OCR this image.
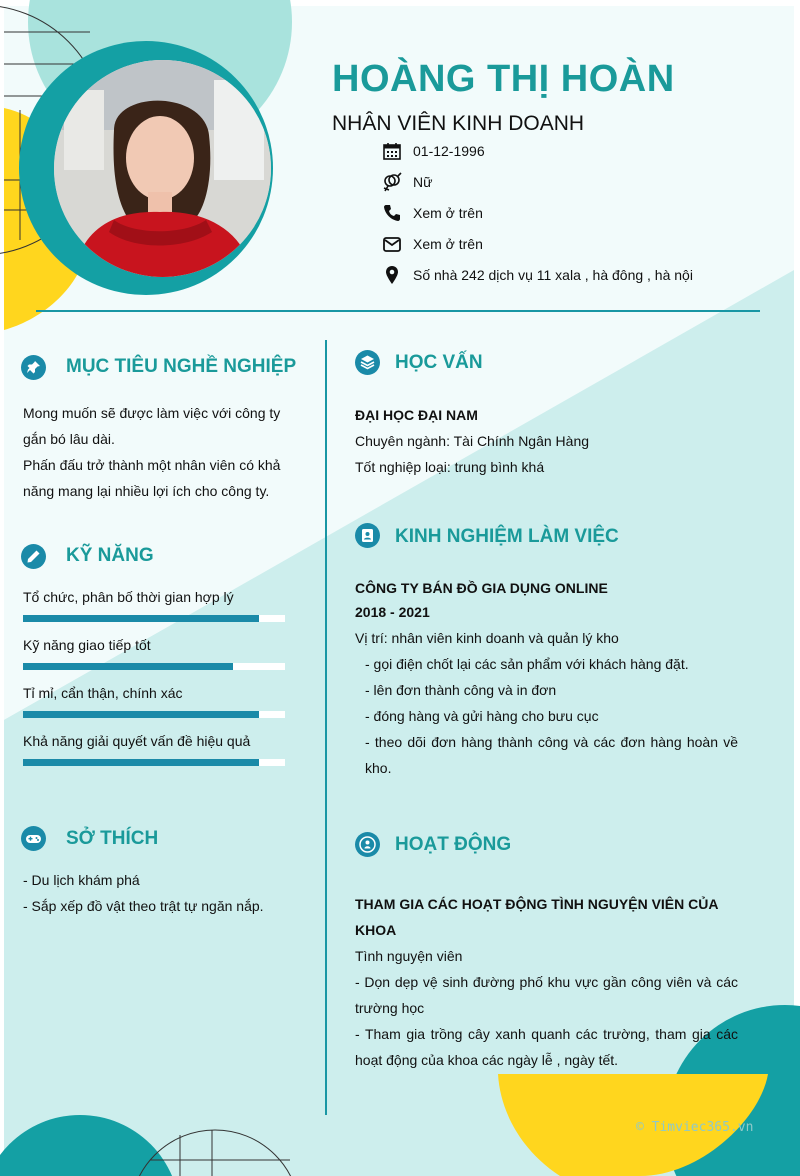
HOÀNG THỊ HOÀN
NHÂN VIÊN KINH DOANH
01-12-1996
Nữ
Xem ở trên
Xem ở trên
Số nhà 242 dịch vụ 11 xala , hà đông , hà nội
MỤC TIÊU NGHỀ NGHIỆP
Mong muốn sẽ được làm việc với công ty
gắn bó lâu dài.
Phấn đấu trở thành một nhân viên có khả
năng mang lại nhiều lợi ích cho công ty.
KỸ NĂNG
Tổ chức, phân bố thời gian hợp lý
Kỹ năng giao tiếp tốt
Tỉ mỉ, cẩn thận, chính xác
Khả năng giải quyết vấn đề hiệu quả
SỞ THÍCH
- Du lịch khám phá
- Sắp xếp đồ vật theo trật tự ngăn nắp.
HỌC VẤN
ĐẠI HỌC ĐẠI NAM
Chuyên ngành: Tài Chính Ngân Hàng
Tốt nghiệp loại: trung bình khá
KINH NGHIỆM LÀM VIỆC
CÔNG TY BÁN ĐỒ GIA DỤNG ONLINE
2018 - 2021
Vị trí: nhân viên kinh doanh và quản lý kho
- gọi điện chốt lại các sản phẩm với khách hàng đặt.
- lên đơn thành công và in đơn
- đóng hàng và gửi hàng cho bưu cục
- theo dõi đơn hàng thành công và các đơn hàng hoàn về kho.
HOẠT ĐỘNG
THAM GIA CÁC HOẠT ĐỘNG TÌNH NGUYỆN VIÊN CỦA KHOA
Tình nguyện viên
- Dọn dẹp vệ sinh đường phố khu vực gần công viên và các trường học
- Tham gia trồng cây xanh quanh các trường, tham gia các hoạt động của khoa các ngày lễ , ngày tết.
© Timviec365.vn
